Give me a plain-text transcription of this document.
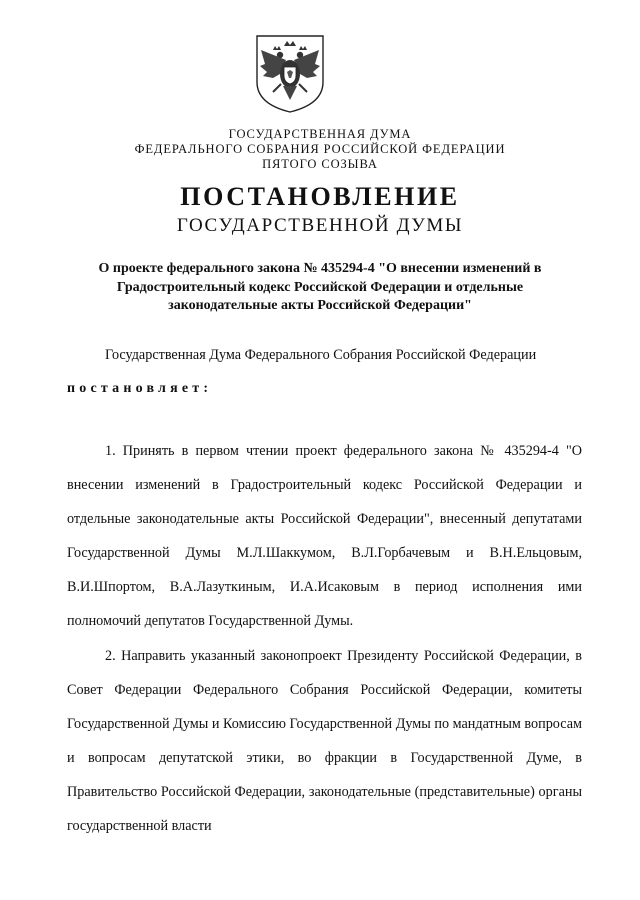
ГОСУДАРСТВЕННАЯ ДУМА
ФЕДЕРАЛЬНОГО СОБРАНИЯ РОССИЙСКОЙ ФЕДЕРАЦИИ
ПЯТОГО СОЗЫВА
ПОСТАНОВЛЕНИЕ
ГОСУДАРСТВЕННОЙ ДУМЫ
О проекте федерального закона № 435294-4 "О внесении изменений в Градостроительный кодекс Российской Федерации и отдельные законодательные акты Российской Федерации"
Государственная Дума Федерального Собрания Российской Федерации
постановляет:
1. Принять в первом чтении проект федерального закона № 435294-4 "О внесении изменений в Градостроительный кодекс Российской Федерации и отдельные законодательные акты Российской Федерации", внесенный депутатами Государственной Думы М.Л.Шаккумом, В.Л.Горбачевым и В.Н.Ельцовым, В.И.Шпортом, В.А.Лазуткиным, И.А.Исаковым в период исполнения ими полномочий депутатов Государственной Думы.
2. Направить указанный законопроект Президенту Российской Федерации, в Совет Федерации Федерального Собрания Российской Федерации, комитеты Государственной Думы и Комиссию Государственной Думы по мандатным вопросам и вопросам депутатской этики, во фракции в Государственной Думе, в Правительство Российской Федерации, законодательные (представительные) органы государственной власти
